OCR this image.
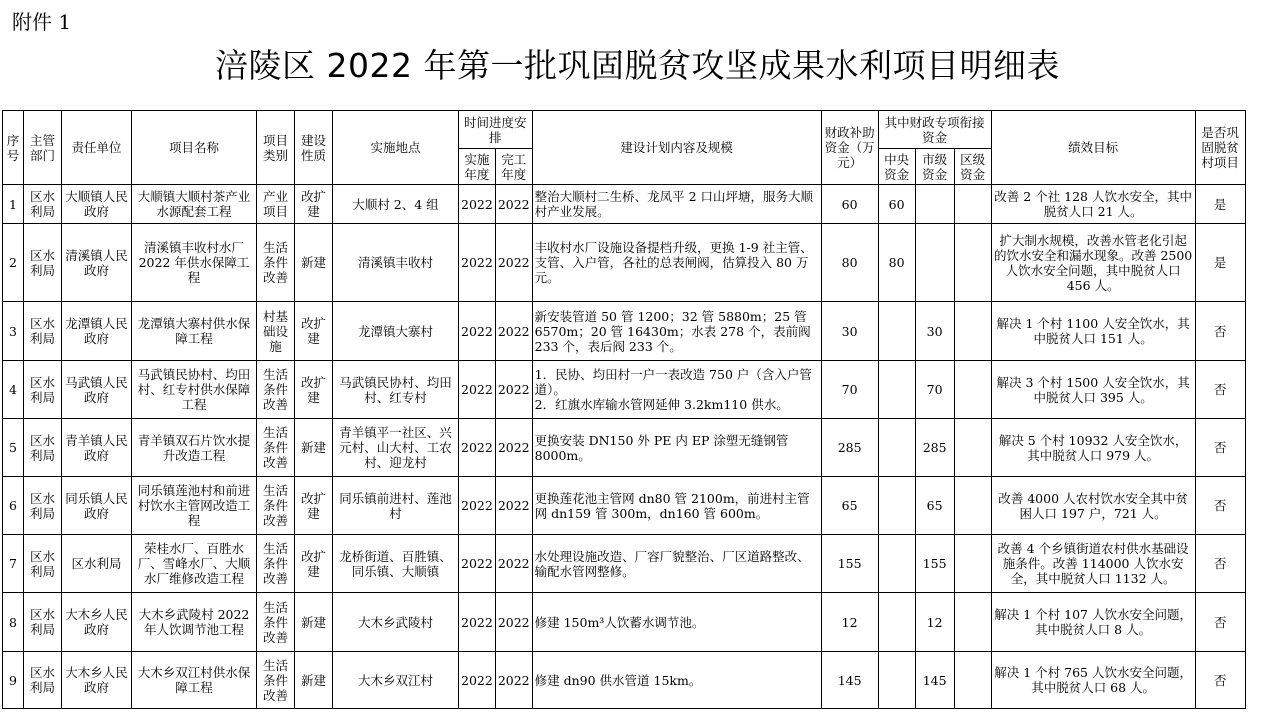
附件 1
涪陵区 2022 年第一批巩固脱贫攻坚成果水利项目明细表
序号	主管部门	责任单位	项目名称	项目类别	建设性质	实施地点	时间进度安排		建设计划内容及规模	财政补助资金（万元）	其中财政专项衔接资金			绩效目标	是否巩固脱贫村项目
							实施年度	完工年度			中央资金	市级资金	区级资金		
1	区水利局	大顺镇人民政府	大顺镇大顺村茶产业水源配套工程	产业项目	改扩建	大顺村 2、4 组	2022	2022	整治大顺村二生桥、龙凤平 2 口山坪塘，服务大顺村产业发展。	60	60			改善 2 个社 128 人饮水安全，其中脱贫人口 21 人。	是
2	区水利局	清溪镇人民政府	清溪镇丰收村水厂 2022 年供水保障工程	生活条件改善	新建	清溪镇丰收村	2022	2022	丰收村水厂设施设备提档升级，更换 1-9 社主管、支管、入户管，各社的总表闸阀，估算投入 80 万元。	80	80			扩大制水规模，改善水管老化引起的饮水安全和漏水现象。改善 2500 人饮水安全问题，其中脱贫人口 456 人。	是
3	区水利局	龙潭镇人民政府	龙潭镇大寨村供水保障工程	村基础设施	改扩建	龙潭镇大寨村	2022	2022	新安装管道 50 管 1200；32 管 5880m；25 管 6570m；20 管 16430m；水表 278 个，表前阀 233 个，表后阀 233 个。	30		30		解决 1 个村 1100 人安全饮水，其中脱贫人口 151 人。	否
4	区水利局	马武镇人民政府	马武镇民协村、均田村、红专村供水保障工程	生活条件改善	改扩建	马武镇民协村、均田村、红专村	2022	2022	1．民协、均田村一户一表改造 750 户（含入户管道）。
2．红旗水库输水管网延伸 3.2km110 供水。	70		70		解决 3 个村 1500 人安全饮水，其中脱贫人口 395 人。	否
5	区水利局	青羊镇人民政府	青羊镇双石片饮水提升改造工程	生活条件改善	新建	青羊镇平一社区、兴元村、山大村、工农村、迎龙村	2022	2022	更换安装 DN150 外 PE 内 EP 涂塑无缝钢管 8000m。	285		285		解决 5 个村 10932 人安全饮水，其中脱贫人口 979 人。	否
6	区水利局	同乐镇人民政府	同乐镇莲池村和前进村饮水主管网改造工程	生活条件改善	改扩建	同乐镇前进村、莲池村	2022	2022	更换莲花池主管网 dn80 管 2100m，前进村主管网 dn159 管 300m，dn160 管 600m。	65		65		改善 4000 人农村饮水安全其中贫困人口 197 户，721 人。	否
7	区水利局	区水利局	荣桂水厂、百胜水厂、雪峰水厂、大顺水厂维修改造工程	生活条件改善	改扩建	龙桥街道、百胜镇、同乐镇、大顺镇	2022	2022	水处理设施改造、厂容厂貌整治、厂区道路整改、输配水管网整修。	155		155		改善 4 个乡镇街道农村供水基础设施条件。改善 114000 人饮水安全，其中脱贫人口 1132 人。	否
8	区水利局	大木乡人民政府	大木乡武陵村 2022 年人饮调节池工程	生活条件改善	新建	大木乡武陵村	2022	2022	修建 150m³人饮蓄水调节池。	12		12		解决 1 个村 107 人饮水安全问题，其中脱贫人口 8 人。	否
9	区水利局	大木乡人民政府	大木乡双江村供水保障工程	生活条件改善	新建	大木乡双江村	2022	2022	修建 dn90 供水管道 15km。	145		145		解决 1 个村 765 人饮水安全问题，其中脱贫人口 68 人。	否
